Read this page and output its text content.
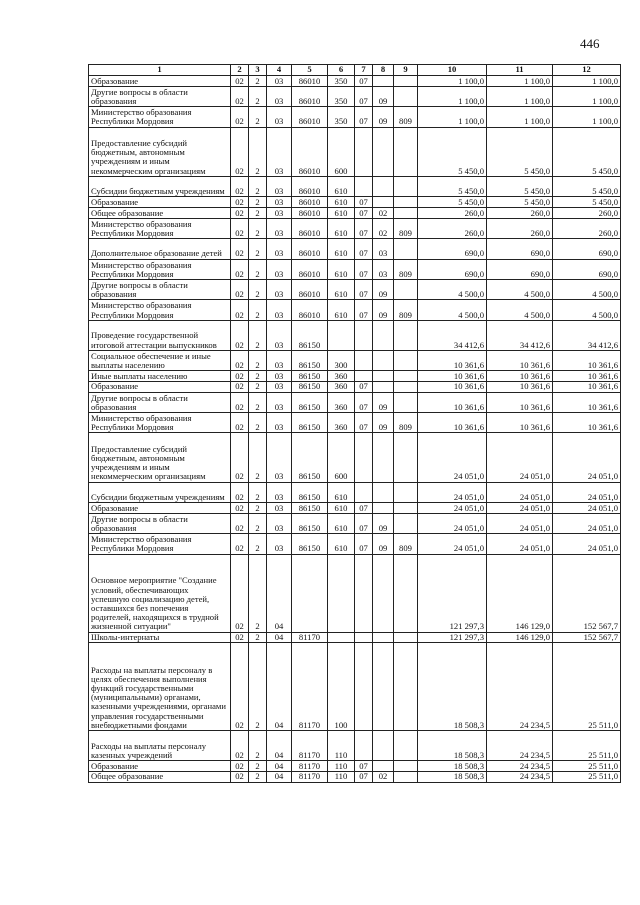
446
1	2	3	4	5	6	7	8	9	10	11	12
Образование	02	2	03	86010	350	07			1 100,0	1 100,0	1 100,0
Другие вопросы в области образования	02	2	03	86010	350	07	09		1 100,0	1 100,0	1 100,0
Министерство образования Республики Мордовия	02	2	03	86010	350	07	09	809	1 100,0	1 100,0	1 100,0
Предоставление субсидий бюджетным, автономным учреждениям и иным некоммерческим организациям	02	2	03	86010	600				5 450,0	5 450,0	5 450,0
Субсидии бюджетным учреждениям	02	2	03	86010	610				5 450,0	5 450,0	5 450,0
Образование	02	2	03	86010	610	07			5 450,0	5 450,0	5 450,0
Общее образование	02	2	03	86010	610	07	02		260,0	260,0	260,0
Министерство образования Республики Мордовия	02	2	03	86010	610	07	02	809	260,0	260,0	260,0
Дополнительное образование детей	02	2	03	86010	610	07	03		690,0	690,0	690,0
Министерство образования Республики Мордовия	02	2	03	86010	610	07	03	809	690,0	690,0	690,0
Другие вопросы в области образования	02	2	03	86010	610	07	09		4 500,0	4 500,0	4 500,0
Министерство образования Республики Мордовия	02	2	03	86010	610	07	09	809	4 500,0	4 500,0	4 500,0
Проведение государственной итоговой аттестации выпускников	02	2	03	86150					34 412,6	34 412,6	34 412,6
Социальное обеспечение и иные выплаты населению	02	2	03	86150	300				10 361,6	10 361,6	10 361,6
Иные выплаты населению	02	2	03	86150	360				10 361,6	10 361,6	10 361,6
Образование	02	2	03	86150	360	07			10 361,6	10 361,6	10 361,6
Другие вопросы в области образования	02	2	03	86150	360	07	09		10 361,6	10 361,6	10 361,6
Министерство образования Республики Мордовия	02	2	03	86150	360	07	09	809	10 361,6	10 361,6	10 361,6
Предоставление субсидий бюджетным, автономным учреждениям и иным некоммерческим организациям	02	2	03	86150	600				24 051,0	24 051,0	24 051,0
Субсидии бюджетным учреждениям	02	2	03	86150	610				24 051,0	24 051,0	24 051,0
Образование	02	2	03	86150	610	07			24 051,0	24 051,0	24 051,0
Другие вопросы в области образования	02	2	03	86150	610	07	09		24 051,0	24 051,0	24 051,0
Министерство образования Республики Мордовия	02	2	03	86150	610	07	09	809	24 051,0	24 051,0	24 051,0
Основное мероприятие "Создание условий, обеспечивающих успешную социализацию детей, оставшихся без попечения родителей, находящихся в трудной жизненной ситуации"	02	2	04						121 297,3	146 129,0	152 567,7
Школы-интернаты	02	2	04	81170					121 297,3	146 129,0	152 567,7
Расходы на выплаты персоналу в целях обеспечения выполнения функций государственными (муниципальными) органами, казенными учреждениями, органами управления государственными внебюджетными фондами	02	2	04	81170	100				18 508,3	24 234,5	25 511,0
Расходы на выплаты персоналу казенных учреждений	02	2	04	81170	110				18 508,3	24 234,5	25 511,0
Образование	02	2	04	81170	110	07			18 508,3	24 234,5	25 511,0
Общее образование	02	2	04	81170	110	07	02		18 508,3	24 234,5	25 511,0
